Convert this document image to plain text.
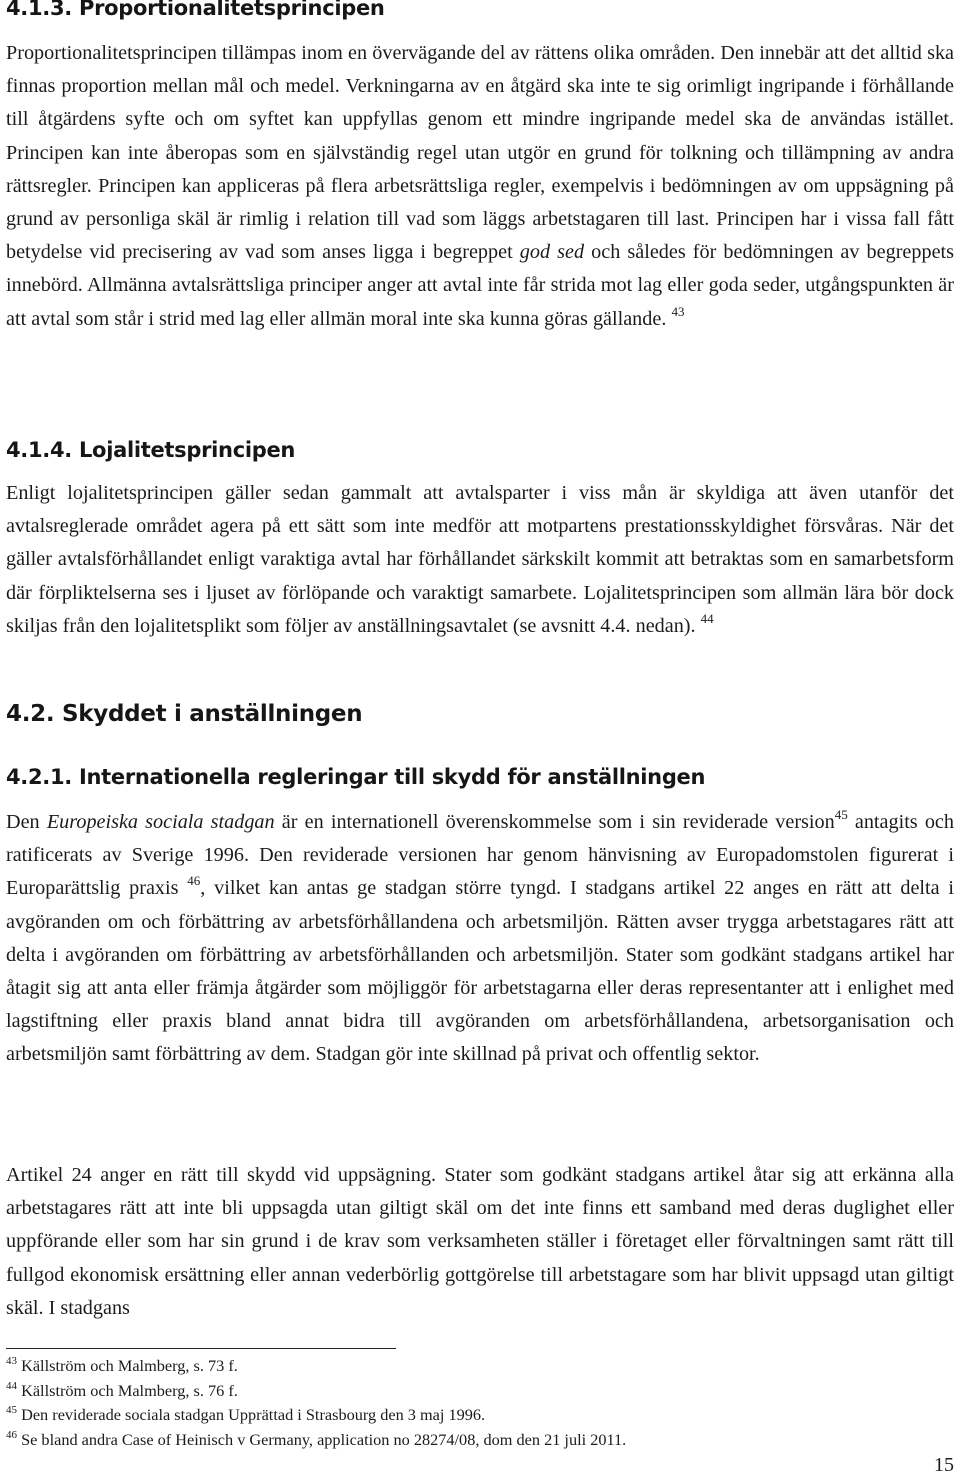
4.1.3. Proportionalitetsprincipen

Proportionalitetsprincipen tillämpas inom en övervägande del av rättens olika områden. Den innebär att det alltid ska finnas proportion mellan mål och medel. Verkningarna av en åtgärd ska inte te sig orimligt ingripande i förhållande till åtgärdens syfte och om syftet kan uppfyllas genom ett mindre ingripande medel ska de användas istället. Principen kan inte åberopas som en självständig regel utan utgör en grund för tolkning och tillämpning av andra rättsregler. Principen kan appliceras på flera arbetsrättsliga regler, exempelvis i bedömningen av om uppsägning på grund av personliga skäl är rimlig i relation till vad som läggs arbetstagaren till last. Principen har i vissa fall fått betydelse vid precisering av vad som anses ligga i begreppet god sed och således för bedömningen av begreppets innebörd. Allmänna avtalsrättsliga principer anger att avtal inte får strida mot lag eller goda seder, utgångspunkten är att avtal som står i strid med lag eller allmän moral inte ska kunna göras gällande. $^{43}$

4.1.4. Lojalitetsprincipen

Enligt lojalitetsprincipen gäller sedan gammalt att avtalsparter i viss mån är skyldiga att även utanför det avtalsreglerade området agera på ett sätt som inte medför att motpartens prestationsskyldighet försvåras. När det gäller avtalsförhållandet enligt varaktiga avtal har förhållandet särkskilt kommit att betraktas som en samarbetsform där förpliktelserna ses i ljuset av förlöpande och varaktigt samarbete. Lojalitetsprincipen som allmän lära bör dock skiljas från den lojalitetsplikt som följer av anställningsavtalet (se avsnitt 4.4. nedan). $^{44}$

4.2. Skyddet i anställningen
4.2.1. Internationella regleringar till skydd för anställningen

Den Europeiska sociala stadgan är en internationell överenskommelse som i sin reviderade version$^{45}$ antagits och ratificerats av Sverige 1996. Den reviderade versionen har genom hänvisning av Europadomstolen figurerat i Europarättslig praxis $^{46}$, vilket kan antas ge stadgan större tyngd. I stadgans artikel 22 anges en rätt att delta i avgöranden om och förbättring av arbetsförhållandena och arbetsmiljön. Rätten avser trygga arbetstagares rätt att delta i avgöranden om förbättring av arbetsförhållanden och arbetsmiljön. Stater som godkänt stadgans artikel har åtagit sig att anta eller främja åtgärder som möjliggör för arbetstagarna eller deras representanter att i enlighet med lagstiftning eller praxis bland annat bidra till avgöranden om arbetsförhållandena, arbetsorganisation och arbetsmiljön samt förbättring av dem. Stadgan gör inte skillnad på privat och offentlig sektor.

Artikel 24 anger en rätt till skydd vid uppsägning. Stater som godkänt stadgans artikel åtar sig att erkänna alla arbetstagares rätt att inte bli uppsagda utan giltigt skäl om det inte finns ett samband med deras duglighet eller uppförande eller som har sin grund i de krav som verksamheten ställer i företaget eller förvaltningen samt rätt till fullgod ekonomisk ersättning eller annan vederbörlig gottgörelse till arbetstagare som har blivit uppsagd utan giltigt skäl. I stadgans

$^{43}$ Källström och Malmberg, s. 73 f.
$^{44}$ Källström och Malmberg, s. 76 f.
$^{45}$ Den reviderade sociala stadgan Upprättad i Strasbourg den 3 maj 1996.
$^{46}$ Se bland andra Case of Heinisch v Germany, application no 28274/08, dom den 21 juli 2011.
15
